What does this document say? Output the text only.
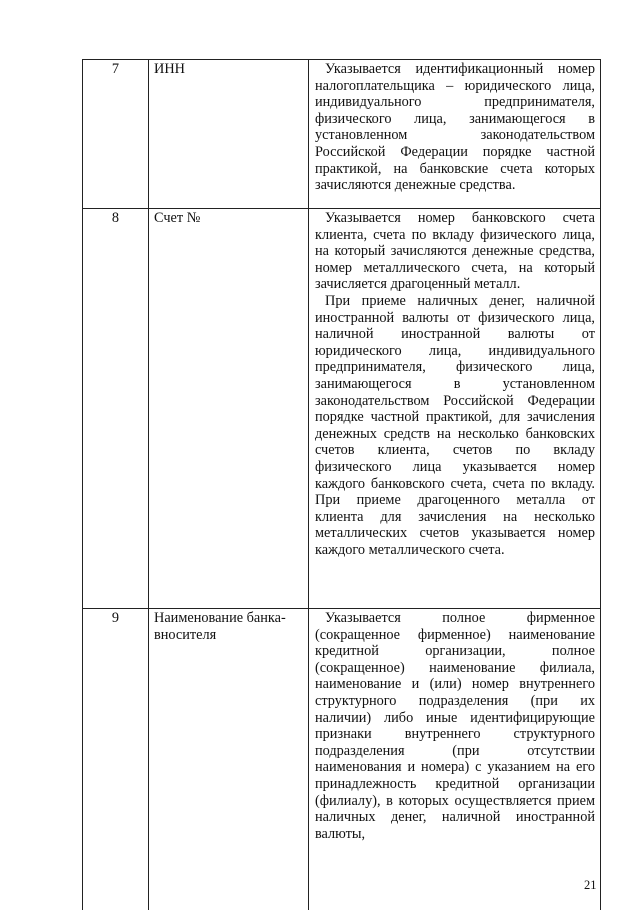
7	ИНН	Указывается идентификационный номер налогоплательщика – юридического лица, индивидуального предпринимателя, физического лица, занимающегося в установленном законодательством Российской Федерации порядке частной практикой, на банковские счета которых зачисляются денежные средства.

8	Счет №	Указывается номер банковского счета клиента, счета по вкладу физического лица, на который зачисляются денежные средства, номер металлического счета, на который зачисляется драгоценный металл.

При приеме наличных денег, наличной иностранной валюты от физического лица, наличной иностранной валюты от юридического лица, индивидуального предпринимателя, физического лица, занимающегося в установленном законодательством Российской Федерации порядке частной практикой, для зачисления денежных средств на несколько банковских счетов клиента, счетов по вкладу физического лица указывается номер каждого банковского счета, счета по вкладу. При приеме драгоценного металла от клиента для зачисления на несколько металлических счетов указывается номер каждого металлического счета.

9	Наименование банка-вносителя	Указывается полное фирменное (сокращенное фирменное) наименование кредитной организации, полное (сокращенное) наименование филиала, наименование и (или) номер внутреннего структурного подразделения (при их наличии) либо иные идентифицирующие признаки внутреннего структурного подразделения (при отсутствии наименования и номера) с указанием на его принадлежность кредитной организации (филиалу), в которых осуществляется прием наличных денег, наличной иностранной валюты,

21
